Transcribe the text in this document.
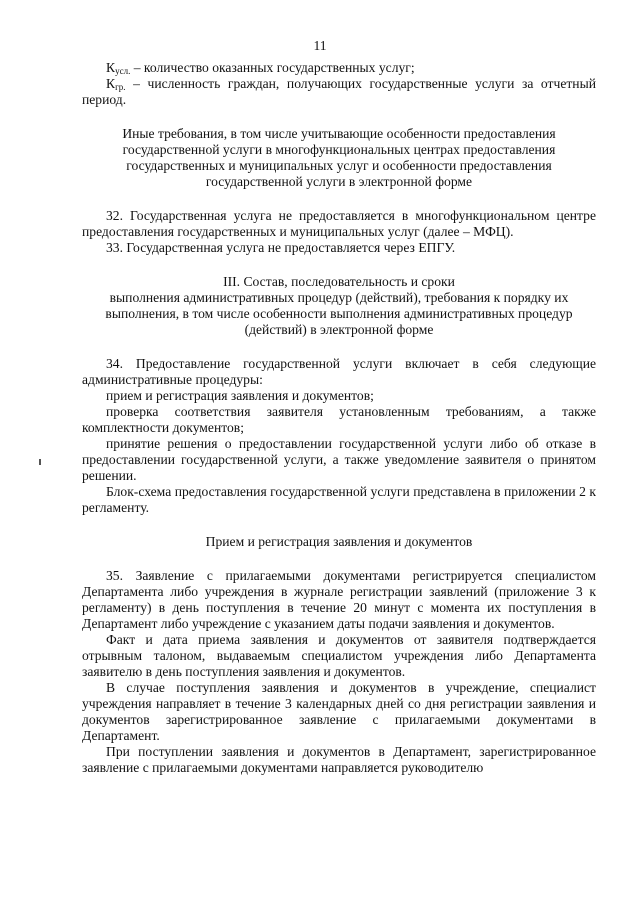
11

$К_{усл.}$ – количество оказанных государственных услуг;

$К_{гр.}$ – численность граждан, получающих государственные услуги за отчетный период.

Иные требования, в том числе учитывающие особенности предоставления государственной услуги в многофункциональных центрах предоставления государственных и муниципальных услуг и особенности предоставления государственной услуги в электронной форме

32. Государственная услуга не предоставляется в многофункциональном центре предоставления государственных и муниципальных услуг (далее – МФЦ).

33. Государственная услуга не предоставляется через ЕПГУ.

III. Состав, последовательность и сроки

выполнения административных процедур (действий), требования к порядку их выполнения, в том числе особенности выполнения административных процедур (действий) в электронной форме

34. Предоставление государственной услуги включает в себя следующие административные процедуры:

прием и регистрация заявления и документов;

проверка соответствия заявителя установленным требованиям, а также комплектности документов;

принятие решения о предоставлении государственной услуги либо об отказе в предоставлении государственной услуги, а также уведомление заявителя о принятом решении.

Блок-схема предоставления государственной услуги представлена в приложении 2 к регламенту.

Прием и регистрация заявления и документов

35. Заявление с прилагаемыми документами регистрируется специалистом Департамента либо учреждения в журнале регистрации заявлений (приложение 3 к регламенту) в день поступления в течение 20 минут с момента их поступления в Департамент либо учреждение с указанием даты подачи заявления и документов.

Факт и дата приема заявления и документов от заявителя подтверждается отрывным талоном, выдаваемым специалистом учреждения либо Департамента заявителю в день поступления заявления и документов.

В случае поступления заявления и документов в учреждение, специалист учреждения направляет в течение 3 календарных дней со дня регистрации заявления и документов зарегистрированное заявление с прилагаемыми документами в Департамент.

При поступлении заявления и документов в Департамент, зарегистрированное заявление с прилагаемыми документами направляется руководителю
